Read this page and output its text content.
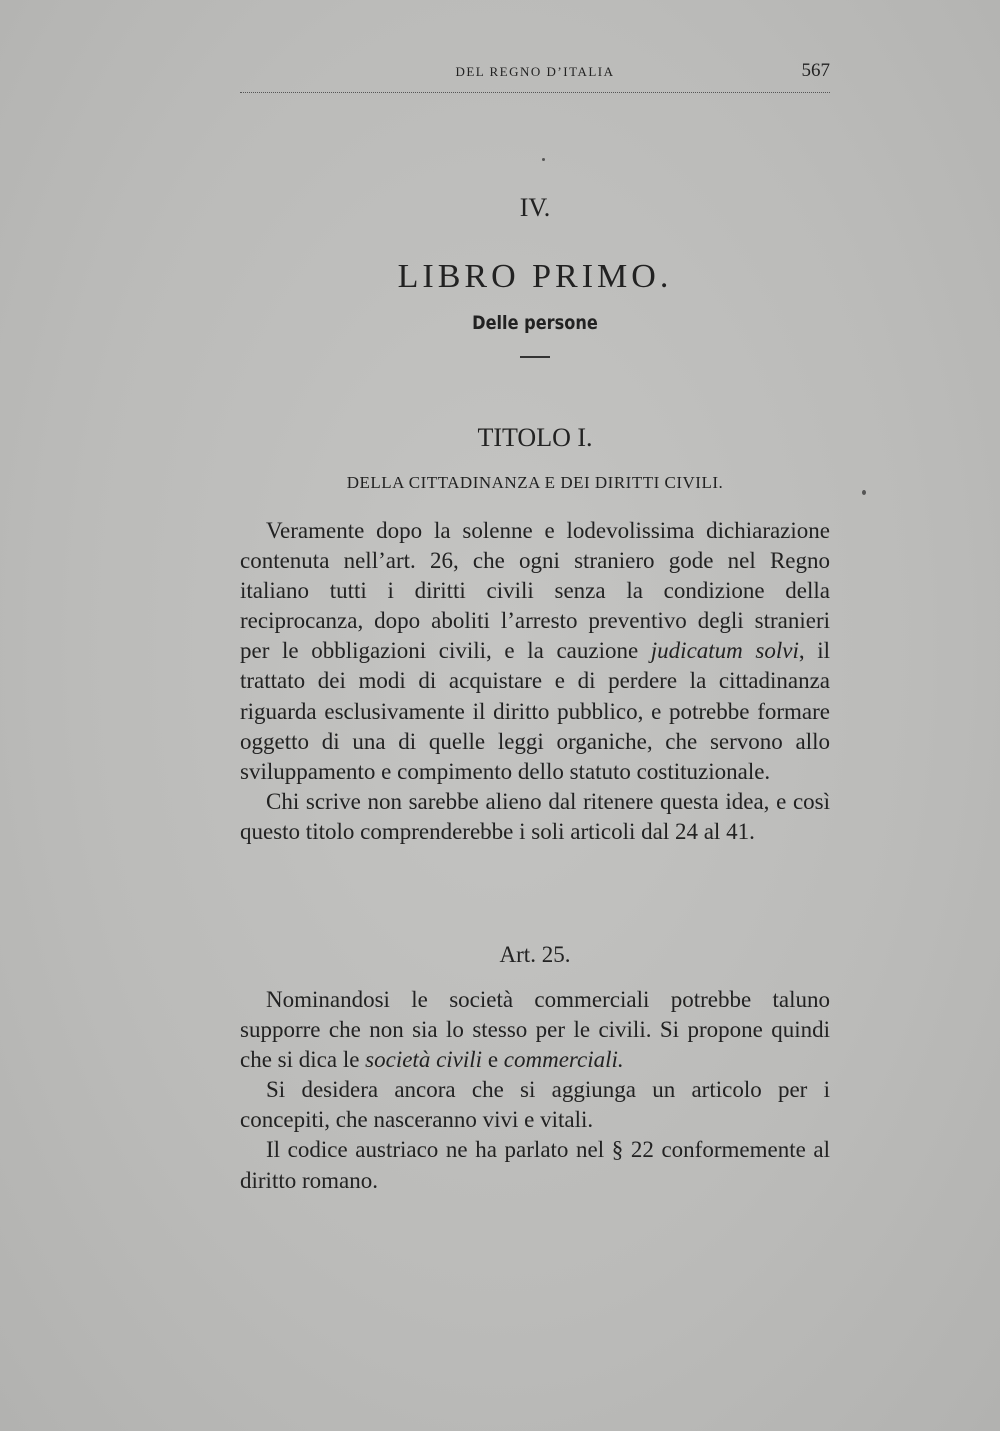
DEL REGNO D’ITALIA	567
IV.
LIBRO PRIMO.
Delle persone
TITOLO I.
DELLA CITTADINANZA E DEI DIRITTI CIVILI.

Veramente dopo la solenne e lodevolissima dichiarazione contenuta nell’art. 26, che ogni straniero gode nel Regno italiano tutti i diritti civili senza la condizione della reciprocanza, dopo aboliti l’arresto preventivo degli stranieri per le obbligazioni civili, e la cauzione judicatum solvi, il trattato dei modi di acquistare e di perdere la cittadinanza riguarda esclusivamente il diritto pubblico, e potrebbe formare oggetto di una di quelle leggi organiche, che servono allo sviluppamento e compimento dello statuto costituzionale.

Chi scrive non sarebbe alieno dal ritenere questa idea, e così questo titolo comprenderebbe i soli articoli dal 24 al 41.

Art. 25.

Nominandosi le società commerciali potrebbe taluno supporre che non sia lo stesso per le civili. Si propone quindi che si dica le società civili e commerciali.

Si desidera ancora che si aggiunga un articolo per i concepiti, che nasceranno vivi e vitali.

Il codice austriaco ne ha parlato nel § 22 conformemente al diritto romano.
